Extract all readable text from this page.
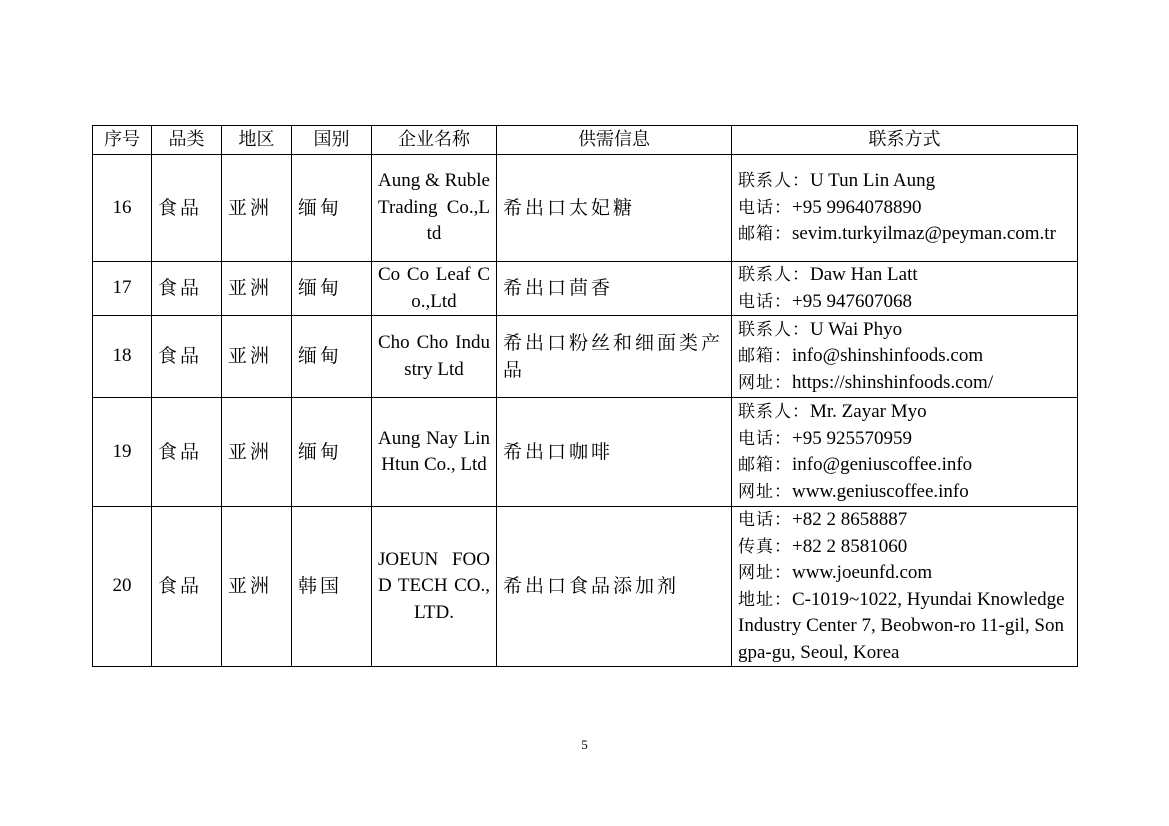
序号	品类	地区	国别	企业名称	供需信息	联系方式
16	食品	亚洲	缅甸	Aung & Ruble Trading Co.,Ltd	希出口太妃糖	联系人：U Tun Lin Aung
电话：+95 9964078890
邮箱：sevim.turkyilmaz@peyman.com.tr

17	食品	亚洲	缅甸	Co Co Leaf Co.,Ltd	希出口茴香	联系人：Daw Han Latt
电话：+95 947607068

18	食品	亚洲	缅甸	Cho Cho Industry Ltd	希出口粉丝和细面类产品	联系人：U Wai Phyo
邮箱：info@shinshinfoods.com
网址：https://shinshinfoods.com/

19	食品	亚洲	缅甸	Aung Nay Lin Htun Co., Ltd	希出口咖啡	联系人：Mr. Zayar Myo
电话：+95 925570959
邮箱：info@geniuscoffee.info
网址：www.geniuscoffee.info

20	食品	亚洲	韩国	JOEUN FOOD TECH CO., LTD.	希出口食品添加剂	电话：+82 2 8658887
传真：+82 2 8581060
网址：www.joeunfd.com
地址：C-1019~1022, Hyundai Knowledge Industry Center 7, Beobwon-ro 11-gil, Songpa-gu, Seoul, Korea
5
